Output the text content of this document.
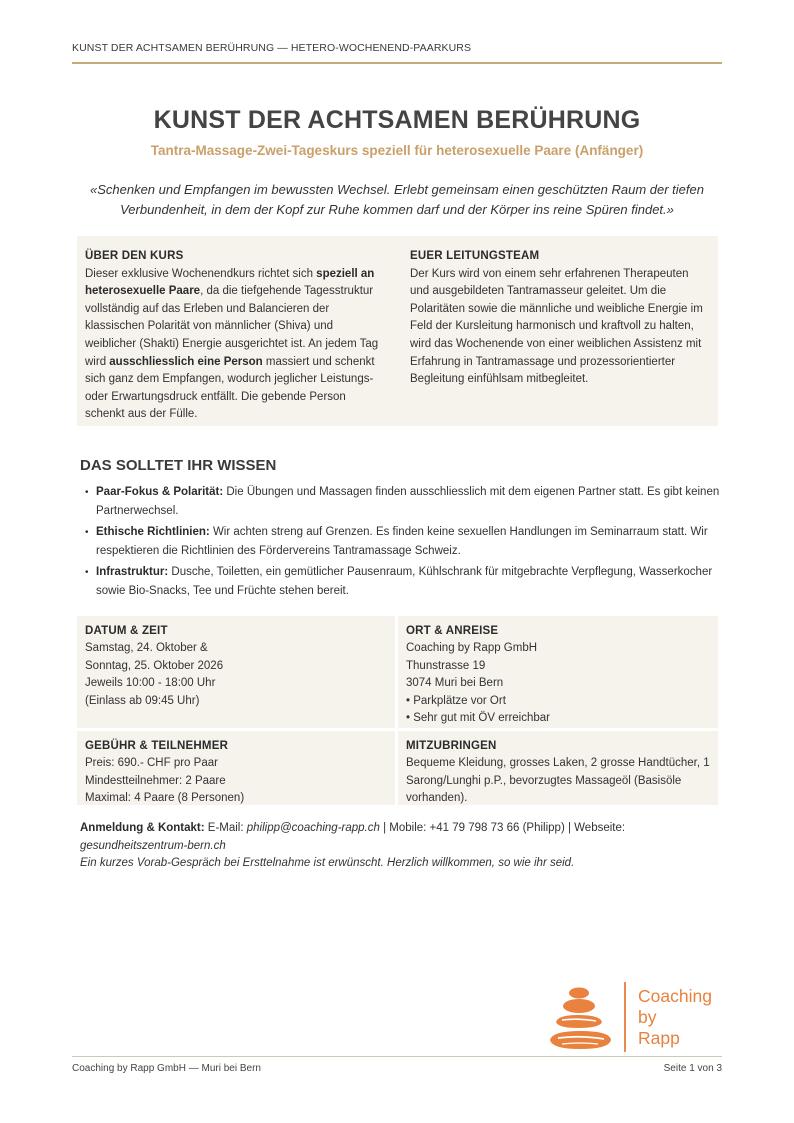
KUNST DER ACHTSAMEN BERÜHRUNG — HETERO-WOCHENEND-PAARKURS
KUNST DER ACHTSAMEN BERÜHRUNG
Tantra-Massage-Zwei-Tageskurs speziell für heterosexuelle Paare (Anfänger)

«Schenken und Empfangen im bewussten Wechsel. Erlebt gemeinsam einen geschützten Raum der tiefen Verbundenheit, in dem der Kopf zur Ruhe kommen darf und der Körper ins reine Spüren findet.»

ÜBER DEN KURS

Dieser exklusive Wochenendkurs richtet sich speziell an heterosexuelle Paare, da die tiefgehende Tagesstruktur vollständig auf das Erleben und Balancieren der klassischen Polarität von männlicher (Shiva) und weiblicher (Shakti) Energie ausgerichtet ist. An jedem Tag wird ausschliesslich eine Person massiert und schenkt sich ganz dem Empfangen, wodurch jeglicher Leistungs- oder Erwartungsdruck entfällt. Die gebende Person schenkt aus der Fülle.

EUER LEITUNGSTEAM

Der Kurs wird von einem sehr erfahrenen Therapeuten und ausgebildeten Tantramasseur geleitet. Um die Polaritäten sowie die männliche und weibliche Energie im Feld der Kursleitung harmonisch und kraftvoll zu halten, wird das Wochenende von einer weiblichen Assistenz mit Erfahrung in Tantramassage und prozessorientierter Begleitung einfühlsam mitbegleitet.

DAS SOLLTET IHR WISSEN
• Paar-Fokus & Polarität: Die Übungen und Massagen finden ausschliesslich mit dem eigenen Partner statt. Es gibt keinen Partnerwechsel.
• Ethische Richtlinien: Wir achten streng auf Grenzen. Es finden keine sexuellen Handlungen im Seminarraum statt. Wir respektieren die Richtlinien des Fördervereins Tantramassage Schweiz.
• Infrastruktur: Dusche, Toiletten, ein gemütlicher Pausenraum, Kühlschrank für mitgebrachte Verpflegung, Wasserkocher sowie Bio-Snacks, Tee und Früchte stehen bereit.
DATUM & ZEIT
Samstag, 24. Oktober &
Sonntag, 25. Oktober 2026
Jeweils 10:00 - 18:00 Uhr
(Einlass ab 09:45 Uhr)
ORT & ANREISE
Coaching by Rapp GmbH
Thunstrasse 19
3074 Muri bei Bern
• Parkplätze vor Ort
• Sehr gut mit ÖV erreichbar
GEBÜHR & TEILNEHMER
Preis: 690.- CHF pro Paar
Mindestteilnehmer: 2 Paare
Maximal: 4 Paare (8 Personen)
MITZUBRINGEN
Bequeme Kleidung, grosses Laken, 2 grosse Handtücher, 1 Sarong/Lunghi p.P., bevorzugtes Massageöl (Basisöle vorhanden).

Anmeldung & Kontakt: E-Mail: philipp@coaching-rapp.ch | Mobile: +41 79 798 73 66 (Philipp) | Webseite:
gesundheitszentrum-bern.ch

Ein kurzes Vorab-Gespräch bei Ersttelnahme ist erwünscht. Herzlich willkommen, so wie ihr seid.

Coaching
by
Rapp
Coaching by Rapp GmbH — Muri bei Bern	Seite 1 von 3
